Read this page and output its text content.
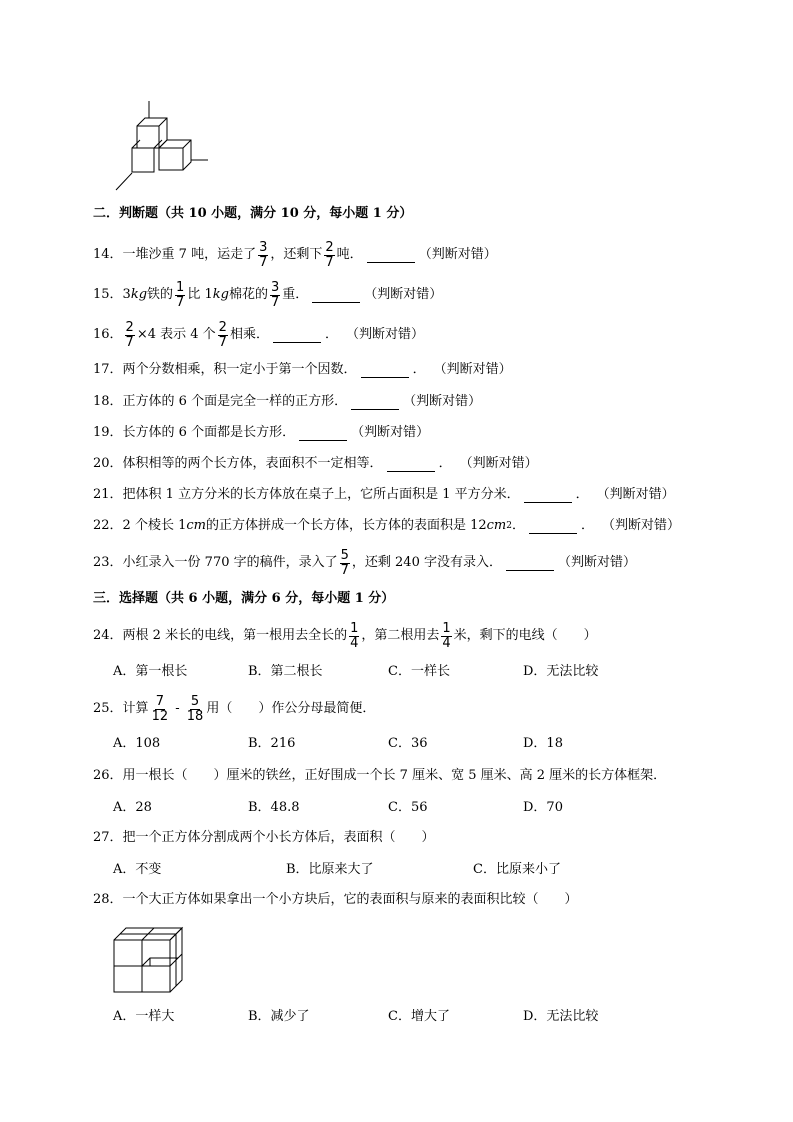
二．判断题（共 10 小题，满分 10 分，每小题 1 分）
14． 一堆沙重 7 吨，运走了 $\frac{3}{7}$ ，还剩下 $\frac{2}{7}$ 吨．	（判断对错）
15． 3 kg 铁的 $\frac{1}{7}$ 比 1 kg 棉花的 $\frac{3}{7}$ 重．	（判断对错）
16． $\frac{2}{7} \times 4$ 表示 4 个 $\frac{2}{7}$ 相乘．	． （判断对错）
17． 两个分数相乘，积一定小于第一个因数．	． （判断对错）
18． 正方体的 6 个面是完全一样的正方形．	（判断对错）
19． 长方体的 6 个面都是长方形．	（判断对错）
20． 体积相等的两个长方体，表面积不一定相等．	． （判断对错）
21． 把体积 1 立方分米的长方体放在桌子上，它所占面积是 1 平方分米．	． （判断对错）
22． 2 个棱长 1 cm 的正方体拼成一个长方体，长方体的表面积是 12 cm 2 ．	． （判断对错）
23． 小红录入一份 770 字的稿件，录入了 $\frac{5}{7}$ ，还剩 240 字没有录入．	（判断对错）
三．选择题（共 6 小题，满分 6 分，每小题 1 分）
24． 两根 2 米长的电线，第一根用去全长的 $\frac{1}{4}$ ，第二根用去 $\frac{1}{4}$ 米，剩下的电线（　　）
A．第一根长	B．第二根长	C．一样长	D．无法比较
25． 计算 $\frac{7}{12} - \frac{5}{18}$ 用（　　）作公分母最简便．
A．108	B．216	C．36	D．18
26． 用一根长（　　）厘米的铁丝，正好围成一个长 7 厘米、宽 5 厘米、高 2 厘米的长方体框架．
A．28	B．48.8	C．56	D．70
27． 把一个正方体分割成两个小长方体后，表面积（　　）
A．不变	B．比原来大了	C．比原来小了
28． 一个大正方体如果拿出一个小方块后，它的表面积与原来的表面积比较（　　）
A．一样大	B．减少了	C．增大了	D．无法比较
